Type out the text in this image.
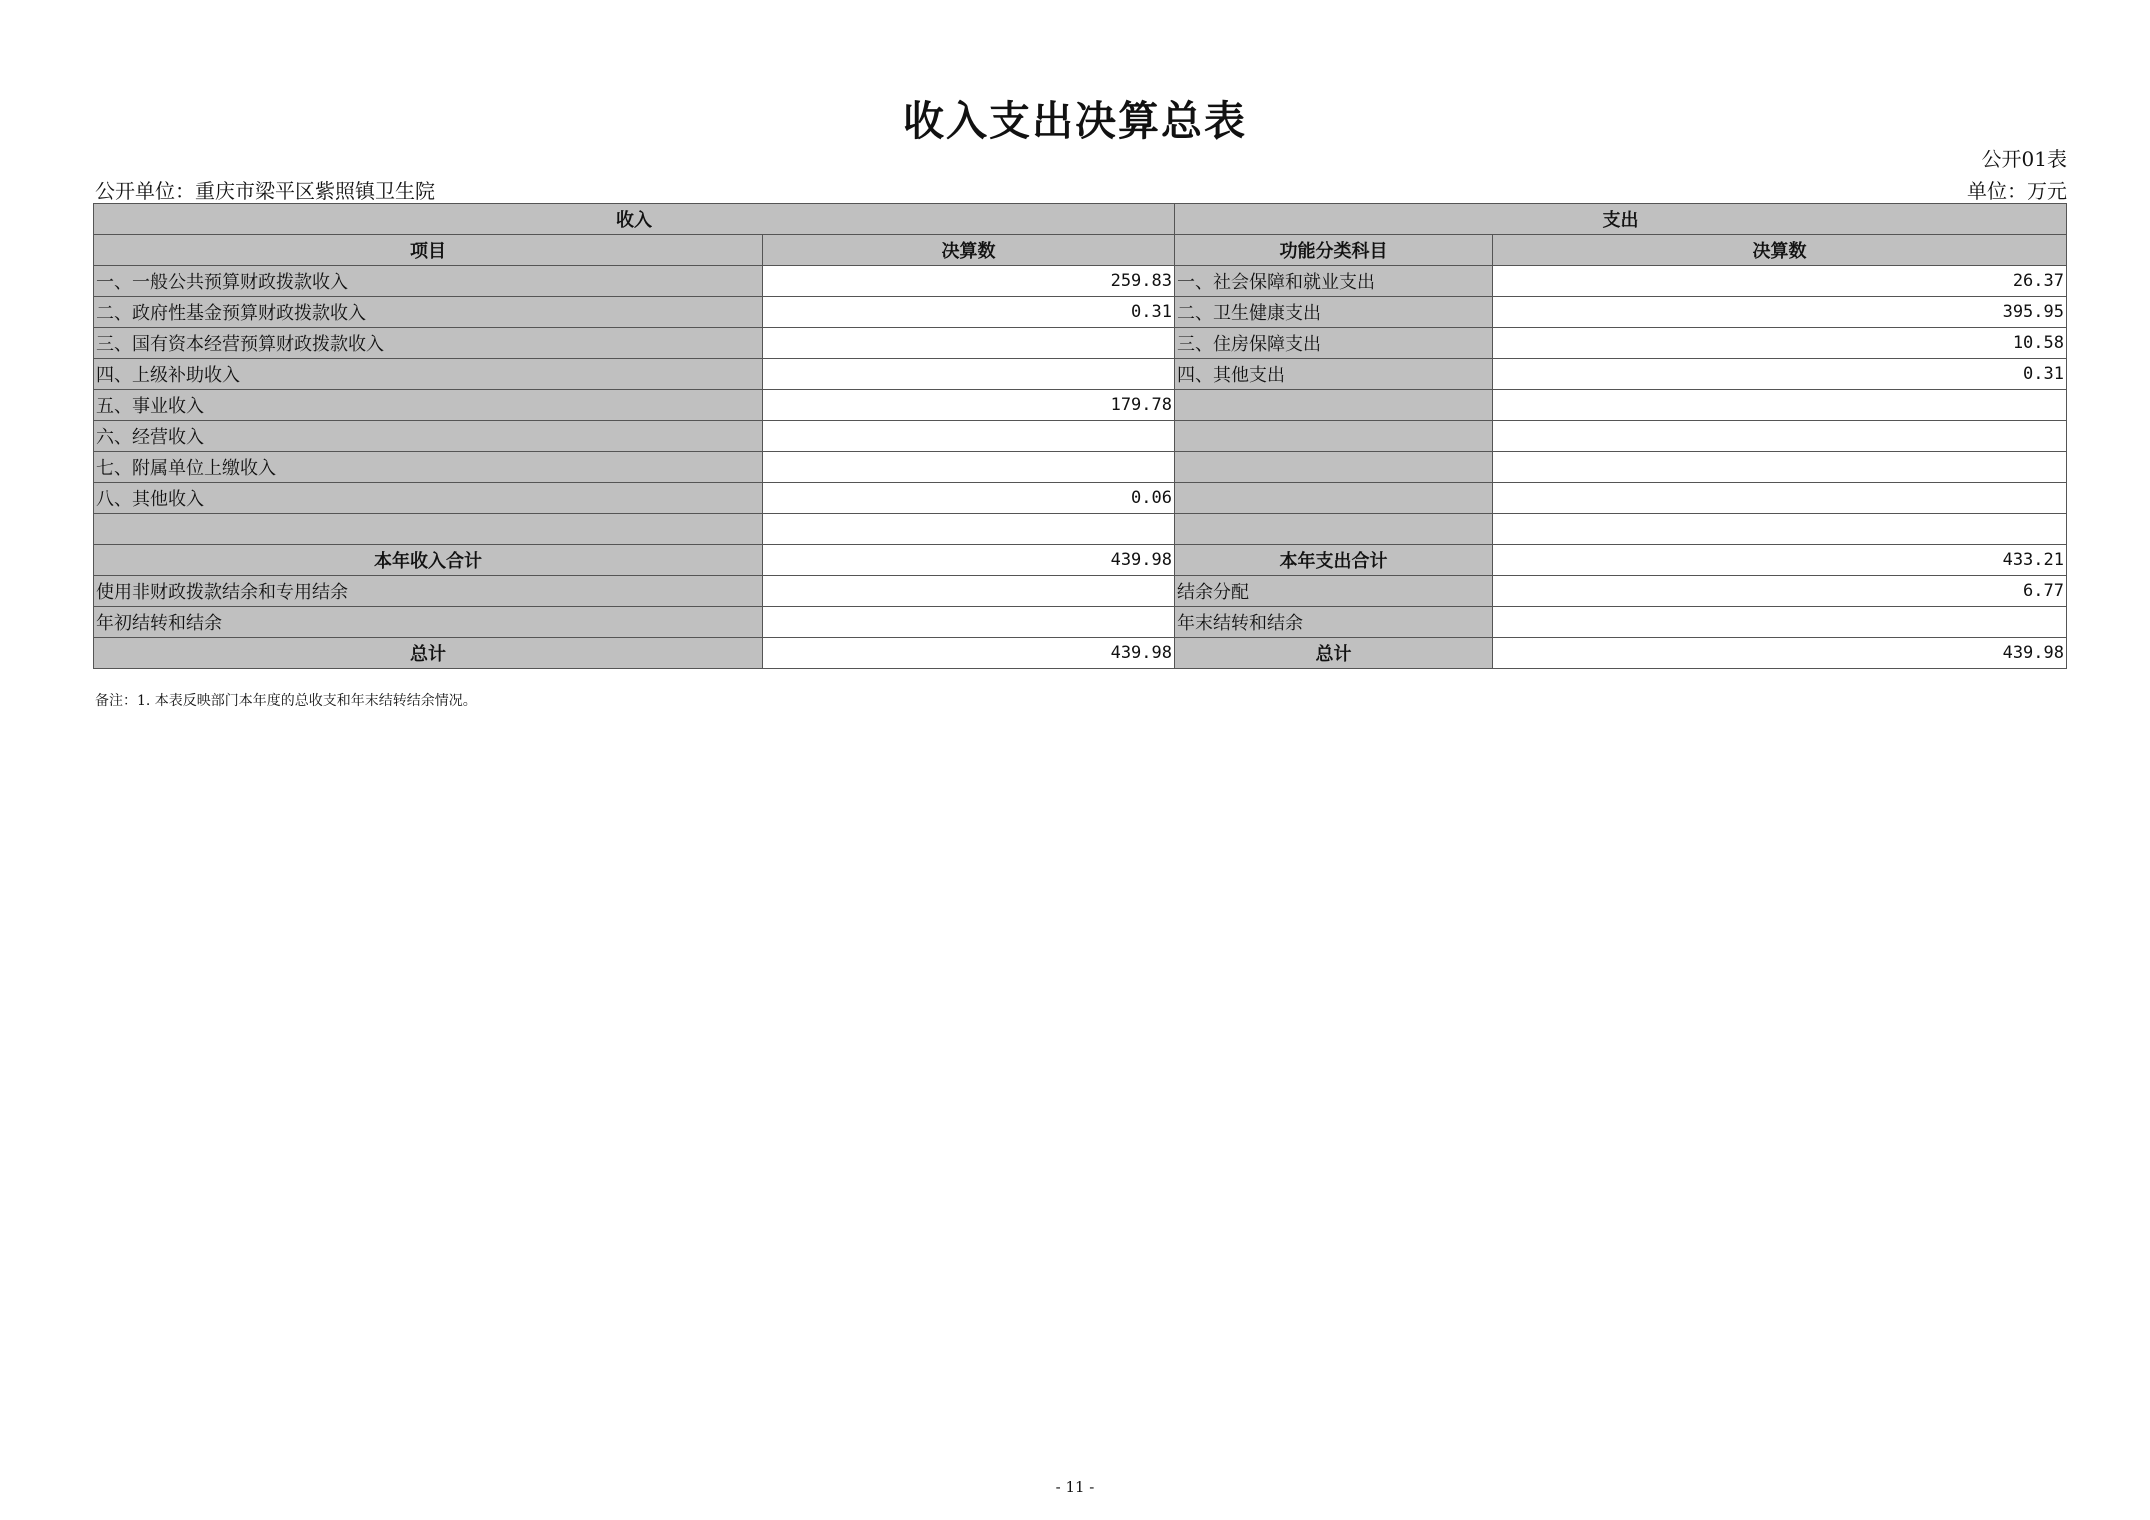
收入支出决算总表
公开01表
公开单位：重庆市梁平区紫照镇卫生院	单位：万元
收入		支出	
项目	决算数	功能分类科目	决算数
一、一般公共预算财政拨款收入	259.83	一、社会保障和就业支出	26.37
二、政府性基金预算财政拨款收入	0.31	二、卫生健康支出	395.95
三、国有资本经营预算财政拨款收入		三、住房保障支出	10.58
四、上级补助收入		四、其他支出	0.31
五、事业收入	179.78		
六、经营收入			
七、附属单位上缴收入			
八、其他收入	0.06		

本年收入合计	439.98	本年支出合计	433.21
使用非财政拨款结余和专用结余		结余分配	6.77
年初结转和结余		年末结转和结余	
总计	439.98	总计	439.98
备注：1. 本表反映部门本年度的总收支和年末结转结余情况。
- 11 -
